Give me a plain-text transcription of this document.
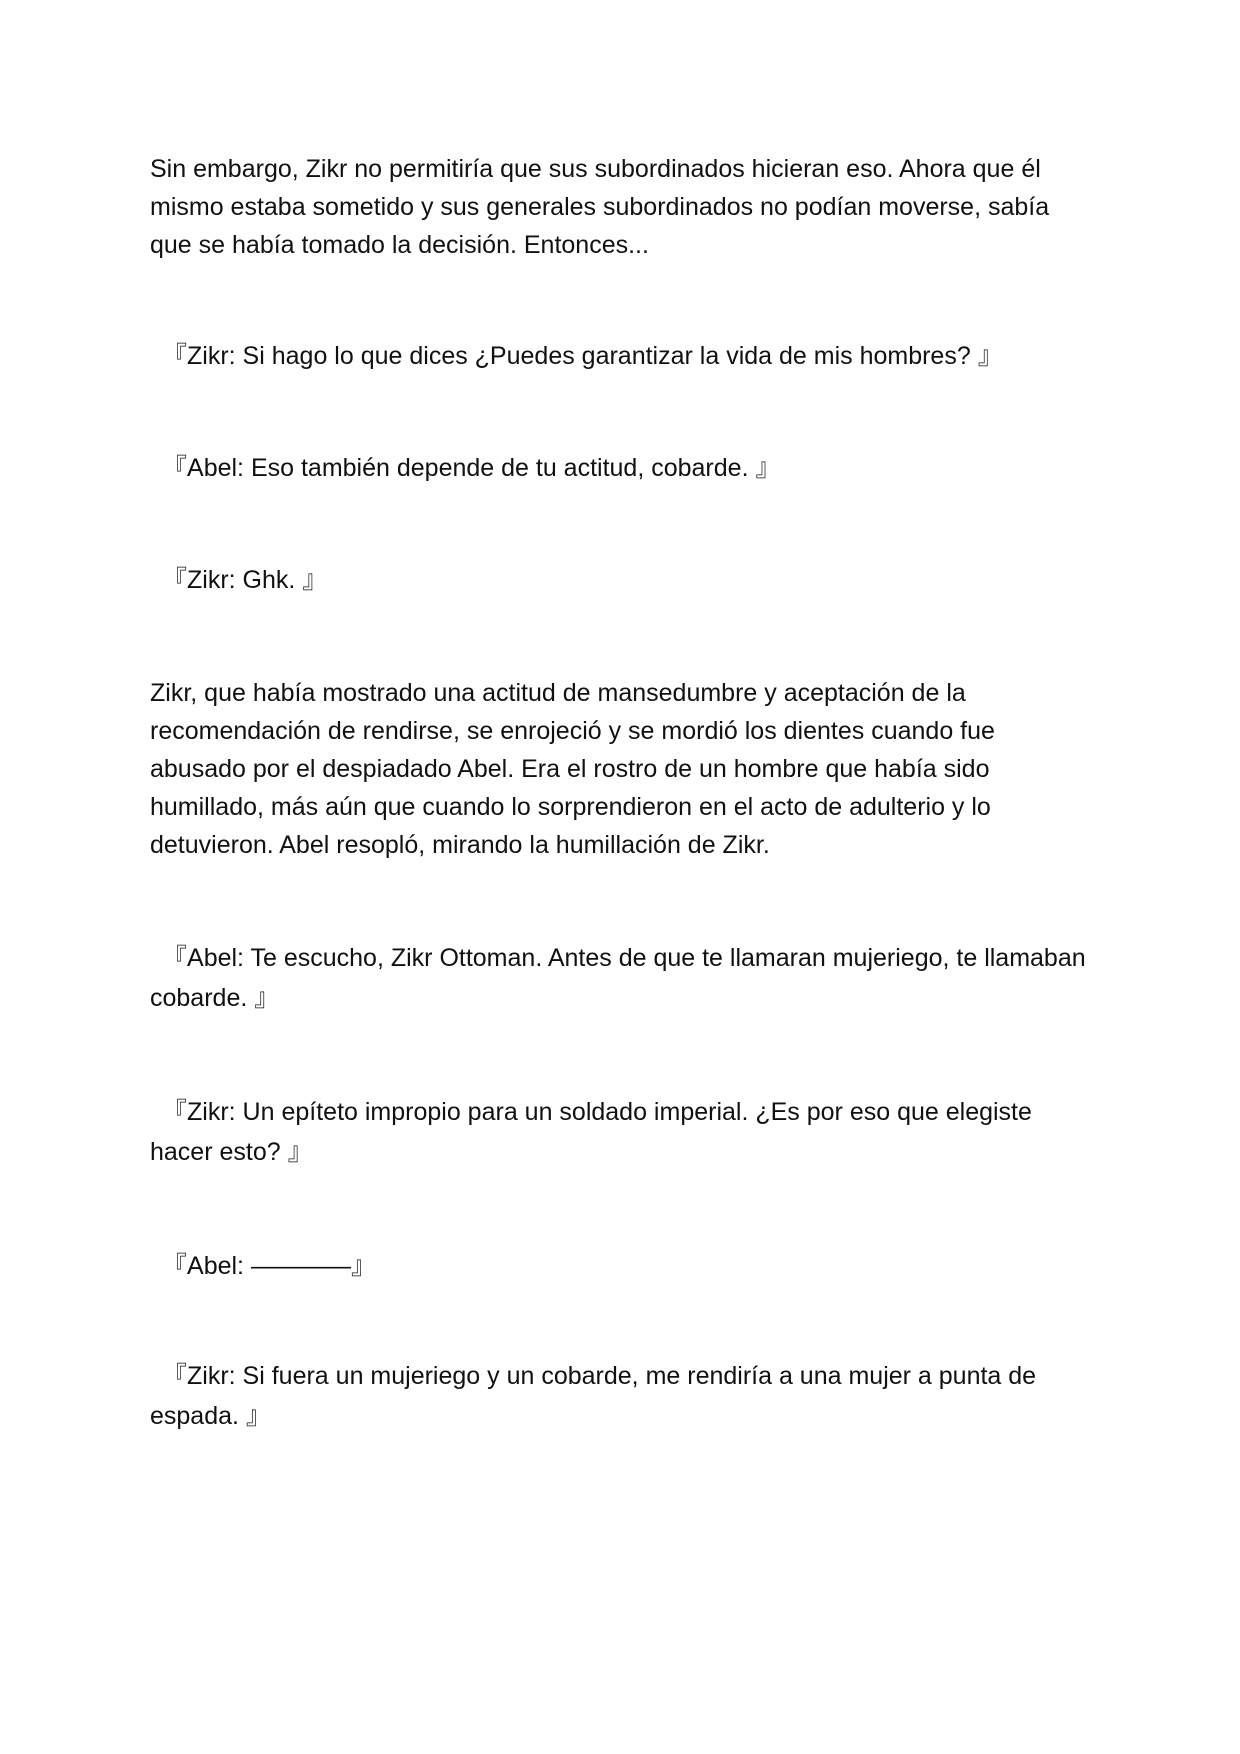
Sin embargo, Zikr no permitiría que sus subordinados hicieran eso. Ahora que él mismo estaba sometido y sus generales subordinados no podían moverse, sabía que se había tomado la decisión. Entonces...

『Zikr: Si hago lo que dices ¿Puedes garantizar la vida de mis hombres? 』

『Abel: Eso también depende de tu actitud, cobarde. 』

『Zikr: Ghk. 』

Zikr, que había mostrado una actitud de mansedumbre y aceptación de la recomendación de rendirse, se enrojeció y se mordió los dientes cuando fue abusado por el despiadado Abel. Era el rostro de un hombre que había sido humillado, más aún que cuando lo sorprendieron en el acto de adulterio y lo detuvieron. Abel resopló, mirando la humillación de Zikr.

『Abel: Te escucho, Zikr Ottoman. Antes de que te llamaran mujeriego, te llamaban cobarde. 』

『Zikr: Un epíteto impropio para un soldado imperial. ¿Es por eso que elegiste hacer esto? 』

『Abel: ————』

『Zikr: Si fuera un mujeriego y un cobarde, me rendiría a una mujer a punta de espada. 』
